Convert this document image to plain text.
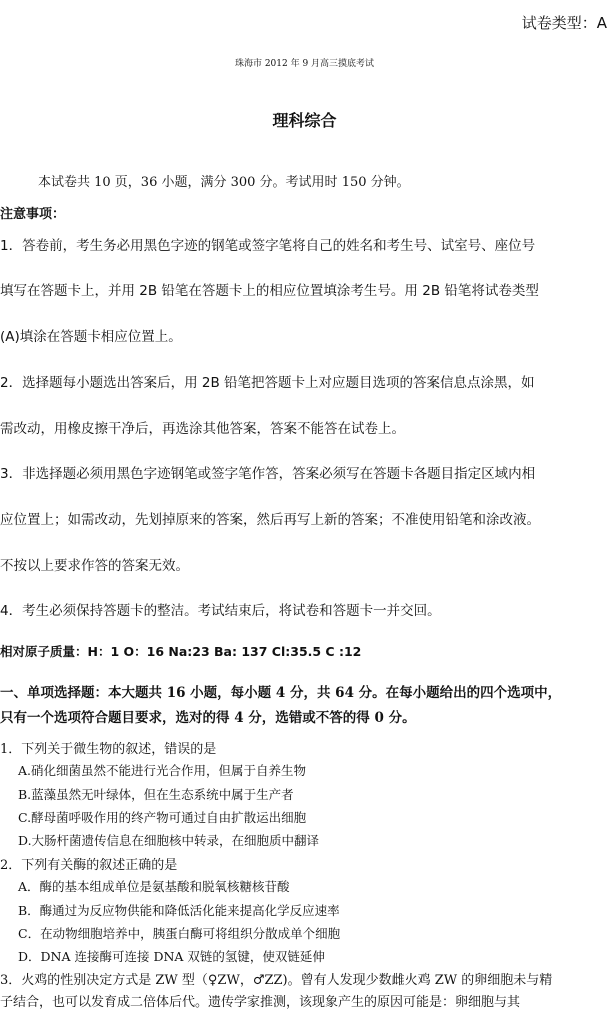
试卷类型：A
珠海市 2012 年 9 月高三摸底考试
理科综合
本试卷共 10 页，36 小题，满分 300 分。考试用时 150 分钟。
注意事项：
1．答卷前，考生务必用黑色字迹的钢笔或签字笔将自己的姓名和考生号、试室号、座位号
填写在答题卡上，并用 2B 铅笔在答题卡上的相应位置填涂考生号。用 2B 铅笔将试卷类型
(A)填涂在答题卡相应位置上。
2．选择题每小题选出答案后，用 2B 铅笔把答题卡上对应题目选项的答案信息点涂黑，如
需改动，用橡皮擦干净后，再选涂其他答案，答案不能答在试卷上。
3．非选择题必须用黑色字迹钢笔或签字笔作答，答案必须写在答题卡各题目指定区域内相
应位置上；如需改动，先划掉原来的答案，然后再写上新的答案；不准使用铅笔和涂改液。
不按以上要求作答的答案无效。
4．考生必须保持答题卡的整洁。考试结束后，将试卷和答题卡一并交回。
相对原子质量：H：1 O：16 Na:23 Ba: 137 Cl:35.5 C :12
一、单项选择题：本大题共 16 小题，每小题 4 分，共 64 分。在每小题给出的四个选项中，
只有一个选项符合题目要求，选对的得 4 分，选错或不答的得 0 分。
1．下列关于微生物的叙述，错误的是
A.硝化细菌虽然不能进行光合作用，但属于自养生物
B.蓝藻虽然无叶绿体，但在生态系统中属于生产者
C.酵母菌呼吸作用的终产物可通过自由扩散运出细胞
D.大肠杆菌遗传信息在细胞核中转录，在细胞质中翻译
2．下列有关酶的叙述正确的是
A．酶的基本组成单位是氨基酸和脱氧核糖核苷酸
B．酶通过为反应物供能和降低活化能来提高化学反应速率
C．在动物细胞培养中，胰蛋白酶可将组织分散成单个细胞
D．DNA 连接酶可连接 DNA 双链的氢键，使双链延伸
3．火鸡的性别决定方式是 ZW 型（♀ZW，♂ZZ)。曾有人发现少数雌火鸡 ZW 的卵细胞未与精
子结合，也可以发育成二倍体后代。遗传学家推测，该现象产生的原因可能是：卵细胞与其
